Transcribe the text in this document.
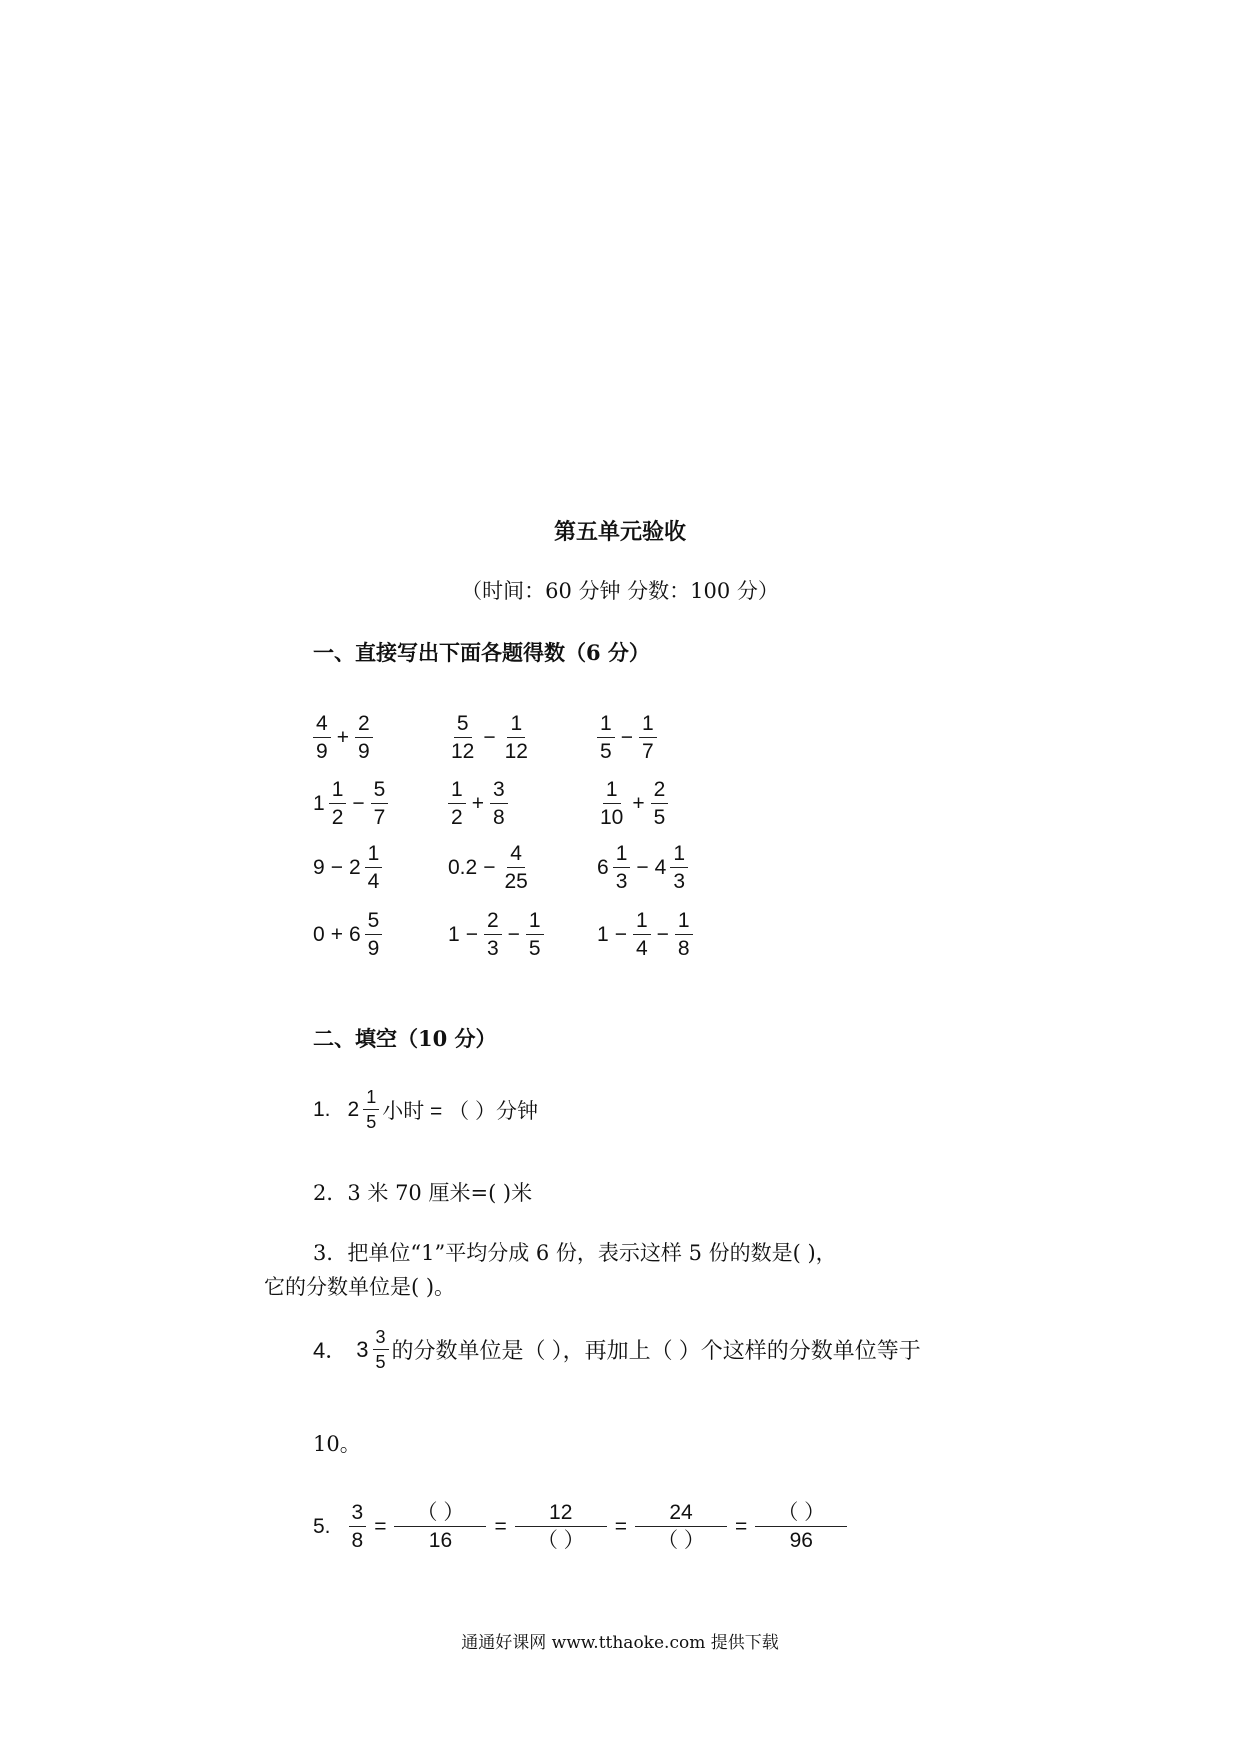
第五单元验收
（时间：60 分钟 分数：100 分）
一、直接写出下面各题得数（6 分）
$\frac{4}{9} + \frac{2}{9}$	$\frac{5}{12} - \frac{1}{12}$	$\frac{1}{5} - \frac{1}{7}$
$1 \frac{1}{2} - \frac{5}{7}$	$\frac{1}{2} + \frac{3}{8}$	$\frac{1}{10} + \frac{2}{5}$
$9 - 2 \frac{1}{4}$	$0.2 - \frac{4}{25}$	$6 \frac{1}{3} - 4 \frac{1}{3}$
$0 + 6 \frac{5}{9}$	$1 - \frac{2}{3} - \frac{1}{5}$	$1 - \frac{1}{4} - \frac{1}{8}$
二、填空（10 分）
1. $2 \frac{1}{5}$ 小时 = （ ）分钟
2．3 米 70 厘米=( )米
3．把单位“1”平均分成 6 份，表示这样 5 份的数是( )，
它的分数单位是( )。
4． $3 \frac{3}{5}$ 的分数单位是（ ），再加上（ ）个这样的分数单位等于
10。
5. $\frac{3}{8} = \frac{( )}{16} = \frac{12}{( )} = \frac{24}{( )} = \frac{( )}{96}$
通通好课网 www.tthaoke.com 提供下载
